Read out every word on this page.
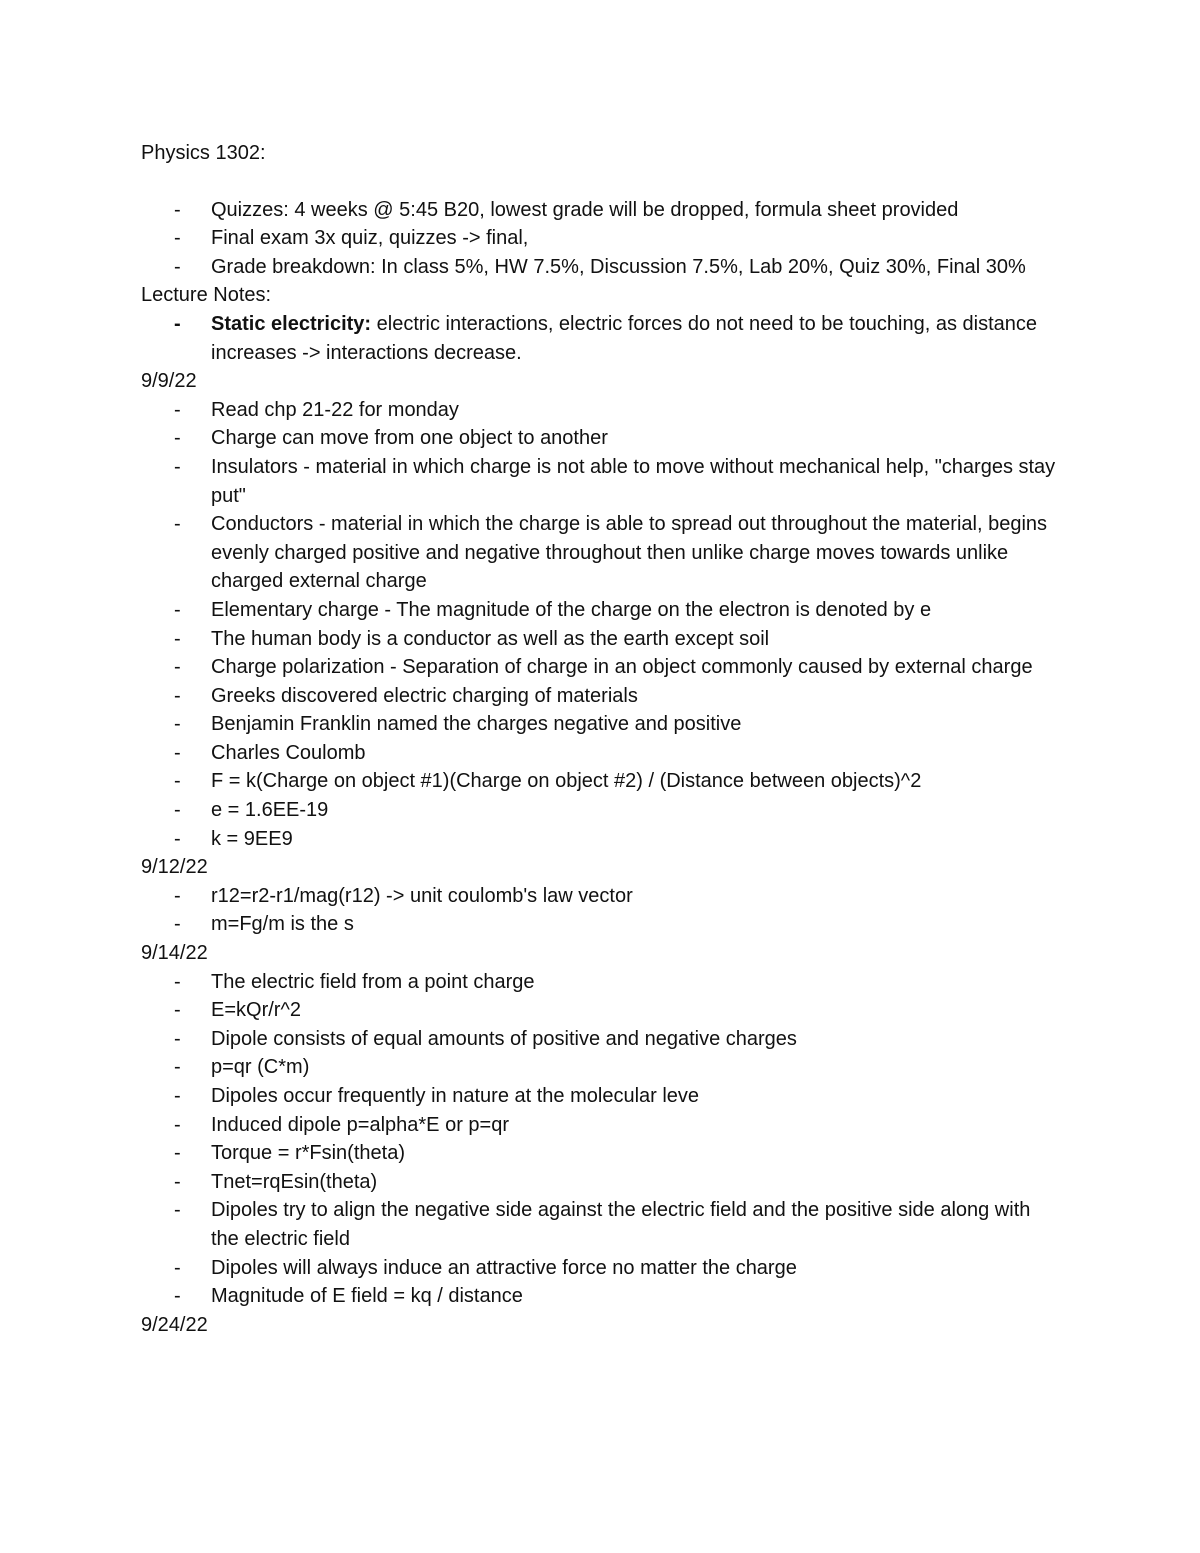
Physics 1302:

- Quizzes: 4 weeks @ 5:45 B20, lowest grade will be dropped, formula sheet provided
- Final exam 3x quiz, quizzes -> final,
- Grade breakdown: In class 5%, HW 7.5%, Discussion 7.5%, Lab 20%, Quiz 30%, Final 30%

Lecture Notes:

- Static electricity: electric interactions, electric forces do not need to be touching, as distance increases -> interactions decrease.

9/9/22

- Read chp 21-22 for monday
- Charge can move from one object to another
- Insulators - material in which charge is not able to move without mechanical help, "charges stay put"
- Conductors - material in which the charge is able to spread out throughout the material, begins evenly charged positive and negative throughout then unlike charge moves towards unlike charged external charge
- Elementary charge - The magnitude of the charge on the electron is denoted by e
- The human body is a conductor as well as the earth except soil
- Charge polarization - Separation of charge in an object commonly caused by external charge
- Greeks discovered electric charging of materials
- Benjamin Franklin named the charges negative and positive
- Charles Coulomb
- F = k(Charge on object #1)(Charge on object #2) / (Distance between objects)^2
- e = 1.6EE-19
- k = 9EE9

9/12/22

- r12=r2-r1/mag(r12) -> unit coulomb's law vector
- m=Fg/m is the s

9/14/22

- The electric field from a point charge
- E=kQr/r^2
- Dipole consists of equal amounts of positive and negative charges
- p=qr (C*m)
- Dipoles occur frequently in nature at the molecular leve
- Induced dipole p=alpha*E or p=qr
- Torque = r*Fsin(theta)
- Tnet=rqEsin(theta)
- Dipoles try to align the negative side against the electric field and the positive side along with the electric field
- Dipoles will always induce an attractive force no matter the charge
- Magnitude of E field = kq / distance

9/24/22
